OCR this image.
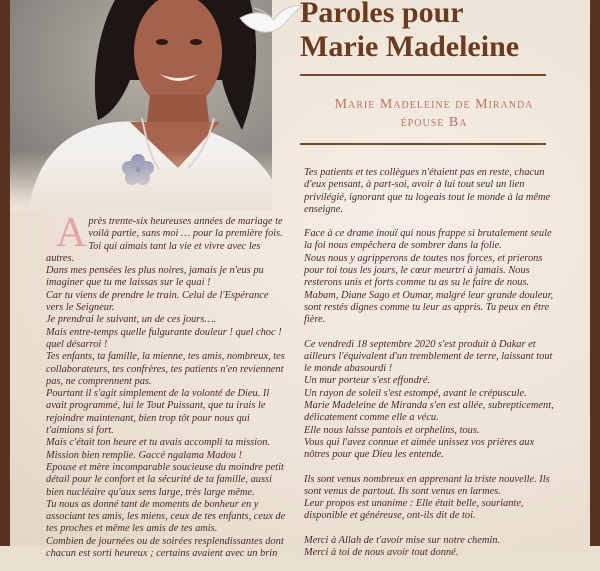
Paroles pour
Marie Madeleine
Marie Madeleine de Miranda
épouse Ba

Après trente-six heureuses années de mariage te voilà partie, sans moi … pour la première fois. Toi qui aimais tant la vie et vivre avec les autres.

Dans mes pensées les plus noires, jamais je n'eus pu imaginer que tu me laissas sur le quai !

Car tu viens de prendre le train. Celui de l'Espérance vers le Seigneur.

Je prendrai le suivant, un de ces jours….

Mais entre-temps quelle fulgurante douleur ! quel choc ! quel désarroi !

Tes enfants, ta famille, la mienne, tes amis, nombreux, tes collaborateurs, tes confrères, tes patients n'en reviennent pas, ne comprennent pas.

Pourtant il s'agit simplement de la volonté de Dieu. Il avait programmé, lui le Tout Puissant, que tu irais le rejoindre maintenant, bien trop tôt pour nous qui t'aimions si fort.

Mais c'était ton heure et tu avais accompli ta mission.

Mission bien remplie. Gaccé ngalama Madou !

Epouse et mère incomparable soucieuse du moindre petit détail pour le confort et la sécurité de ta famille, aussi bien nucléaire qu'aux sens large, très large même.

Tu nous as donné tant de moments de bonheur en y associant tes amis, les miens, ceux de tes enfants, ceux de tes proches et même les amis de tes amis.

Combien de journées ou de soirées resplendissantes dont chacun est sorti heureux ; certains avaient avec un brin

Tes patients et tes collègues n'étaient pas en reste, chacun d'eux pensant, à part-soi, avoir à lui tout seul un lien privilégié, ignorant que tu logeais tout le monde à la même enseigne.

Face à ce drame inouï qui nous frappe si brutalement seule la foi nous empêchera de sombrer dans la folie.
Nous nous y agripperons de toutes nos forces, et prierons pour toi tous les jours, le cœur meurtri à jamais. Nous resterons unis et forts comme tu as su le faire de nous.
Mabam, Diane Sago et Oumar, malgré leur grande douleur, sont restés dignes comme tu leur as appris. Tu peux en être fière.

Ce vendredi 18 septembre 2020 s'est produit à Dakar et ailleurs l'équivalent d'un tremblement de terre, laissant tout le monde abasourdi !
Un mur porteur s'est effondré.
Un rayon de soleil s'est estompé, avant le crépuscule.
Marie Madeleine de Miranda s'en est allée, subrepticement, délicatement comme elle a vécu.
Elle nous laisse pantois et orphelins, tous.
Vous qui l'avez connue et aimée unissez vos prières aux nôtres pour que Dieu les entende.

Ils sont venus nombreux en apprenant la triste nouvelle. Ils sont venus de partout. Ils sont venus en larmes.
Leur propos est unanime : Elle était belle, souriante, disponible et généreuse, ont-ils dit de toi.

Merci à Allah de t'avoir mise sur notre chemin.
Merci à toi de nous avoir tout donné.
